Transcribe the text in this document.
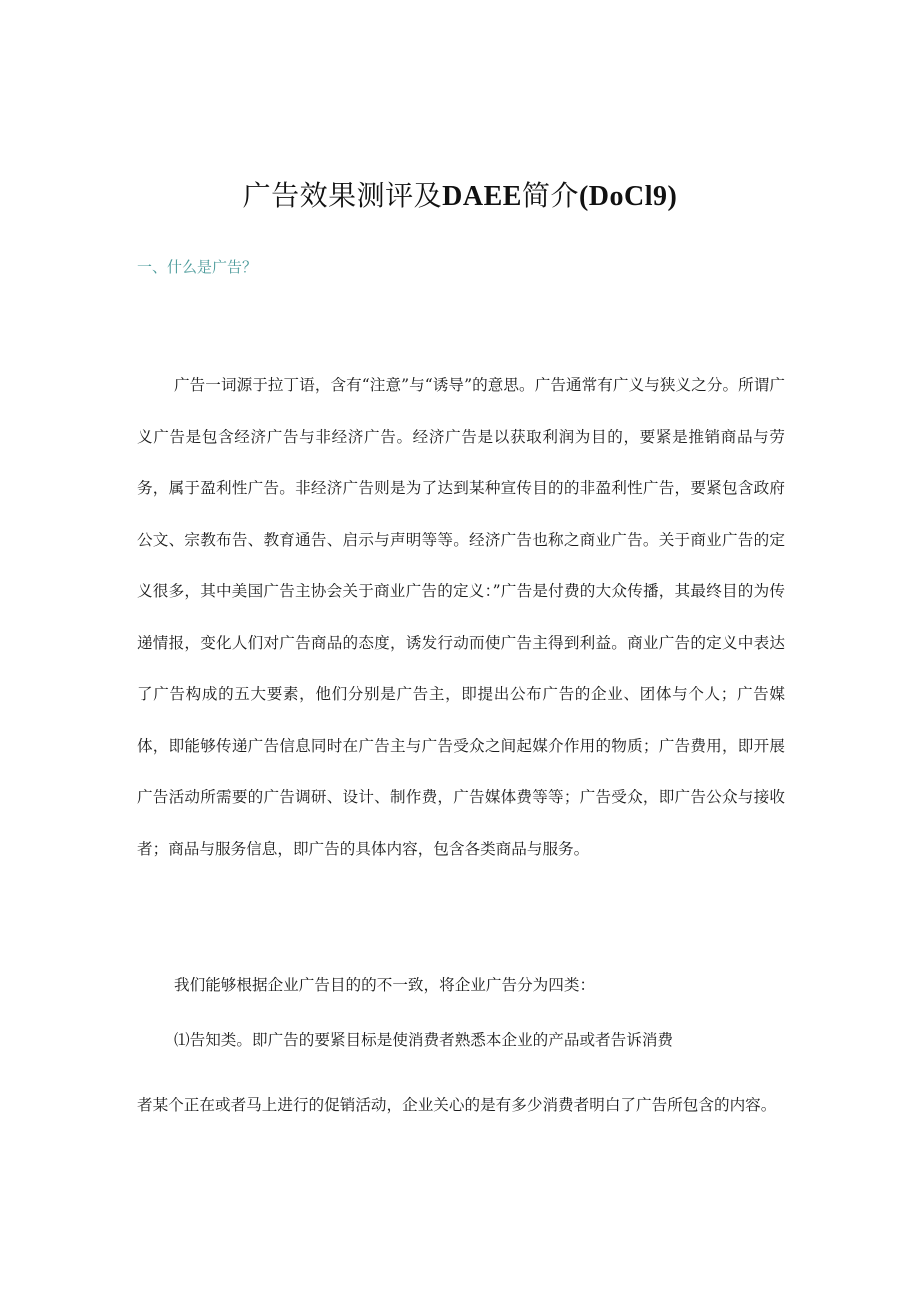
广告效果测评及DAEE简介(DoCl9)
一、什么是广告？
广告一词源于拉丁语，含有“注意”与“诱导”的意思。广告通常有广义与狭义之分。所谓广义广告是包含经济广告与非经济广告。经济广告是以获取利润为目的，要紧是推销商品与劳务，属于盈利性广告。非经济广告则是为了达到某种宣传目的的非盈利性广告，要紧包含政府公文、宗教布告、教育通告、启示与声明等等。经济广告也称之商业广告。关于商业广告的定义很多，其中美国广告主协会关于商业广告的定义：”广告是付费的大众传播，其最终目的为传递情报，变化人们对广告商品的态度，诱发行动而使广告主得到利益。商业广告的定义中表达了广告构成的五大要素，他们分别是广告主，即提出公布广告的企业、团体与个人；广告媒体，即能够传递广告信息同时在广告主与广告受众之间起媒介作用的物质；广告费用，即开展广告活动所需要的广告调研、设计、制作费，广告媒体费等等；广告受众，即广告公众与接收者；商品与服务信息，即广告的具体内容，包含各类商品与服务。
我们能够根据企业广告目的的不一致，将企业广告分为四类：
⑴告知类。即广告的要紧目标是使消费者熟悉本企业的产品或者告诉消费
者某个正在或者马上进行的促销活动，企业关心的是有多少消费者明白了广告所包含的内容。
